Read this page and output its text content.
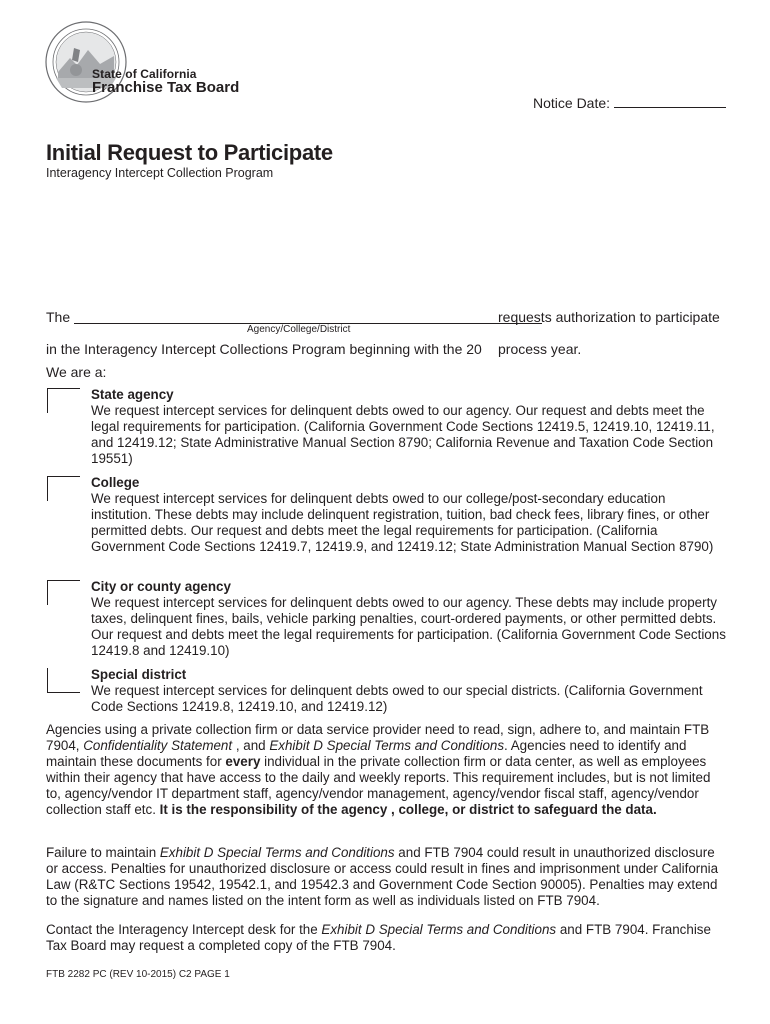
State of California
Franchise Tax Board
Notice Date:
Initial Request to Participate
Interagency Intercept Collection Program
The	requests authorization to participate
Agency/College/District
in the Interagency Intercept Collections Program beginning with the 20 process year.
We are a:
State agency
We request intercept services for delinquent debts owed to our agency. Our request and debts meet the legal requirements for participation. (California Government Code Sections 12419.5, 12419.10, 12419.11, and 12419.12; State Administrative Manual Section 8790; California Revenue and Taxation Code Section 19551)
College
We request intercept services for delinquent debts owed to our college/post-secondary education institution. These debts may include delinquent registration, tuition, bad check fees, library fines, or other permitted debts. Our request and debts meet the legal requirements for participation. (California Government Code Sections 12419.7, 12419.9, and 12419.12; State Administration Manual Section 8790)
City or county agency
We request intercept services for delinquent debts owed to our agency. These debts may include property taxes, delinquent fines, bails, vehicle parking penalties, court-ordered payments, or other permitted debts. Our request and debts meet the legal requirements for participation. (California Government Code Sections 12419.8 and 12419.10)
Special district
We request intercept services for delinquent debts owed to our special districts. (California Government Code Sections 12419.8, 12419.10, and 12419.12)
Agencies using a private collection firm or data service provider need to read, sign, adhere to, and maintain FTB 7904, Confidentiality Statement , and Exhibit D Special Terms and Conditions. Agencies need to identify and maintain these documents for every individual in the private collection firm or data center, as well as employees within their agency that have access to the daily and weekly reports. This requirement includes, but is not limited to, agency/vendor IT department staff, agency/vendor management, agency/vendor fiscal staff, agency/vendor collection staff etc. It is the responsibility of the agency , college, or district to safeguard the data.
Failure to maintain Exhibit D Special Terms and Conditions and FTB 7904 could result in unauthorized disclosure or access. Penalties for unauthorized disclosure or access could result in fines and imprisonment under California Law (R&TC Sections 19542, 19542.1, and 19542.3 and Government Code Section 90005). Penalties may extend to the signature and names listed on the intent form as well as individuals listed on FTB 7904.
Contact the Interagency Intercept desk for the Exhibit D Special Terms and Conditions and FTB 7904. Franchise Tax Board may request a completed copy of the FTB 7904.
FTB 2282 PC (REV 10-2015) C2 PAGE 1
